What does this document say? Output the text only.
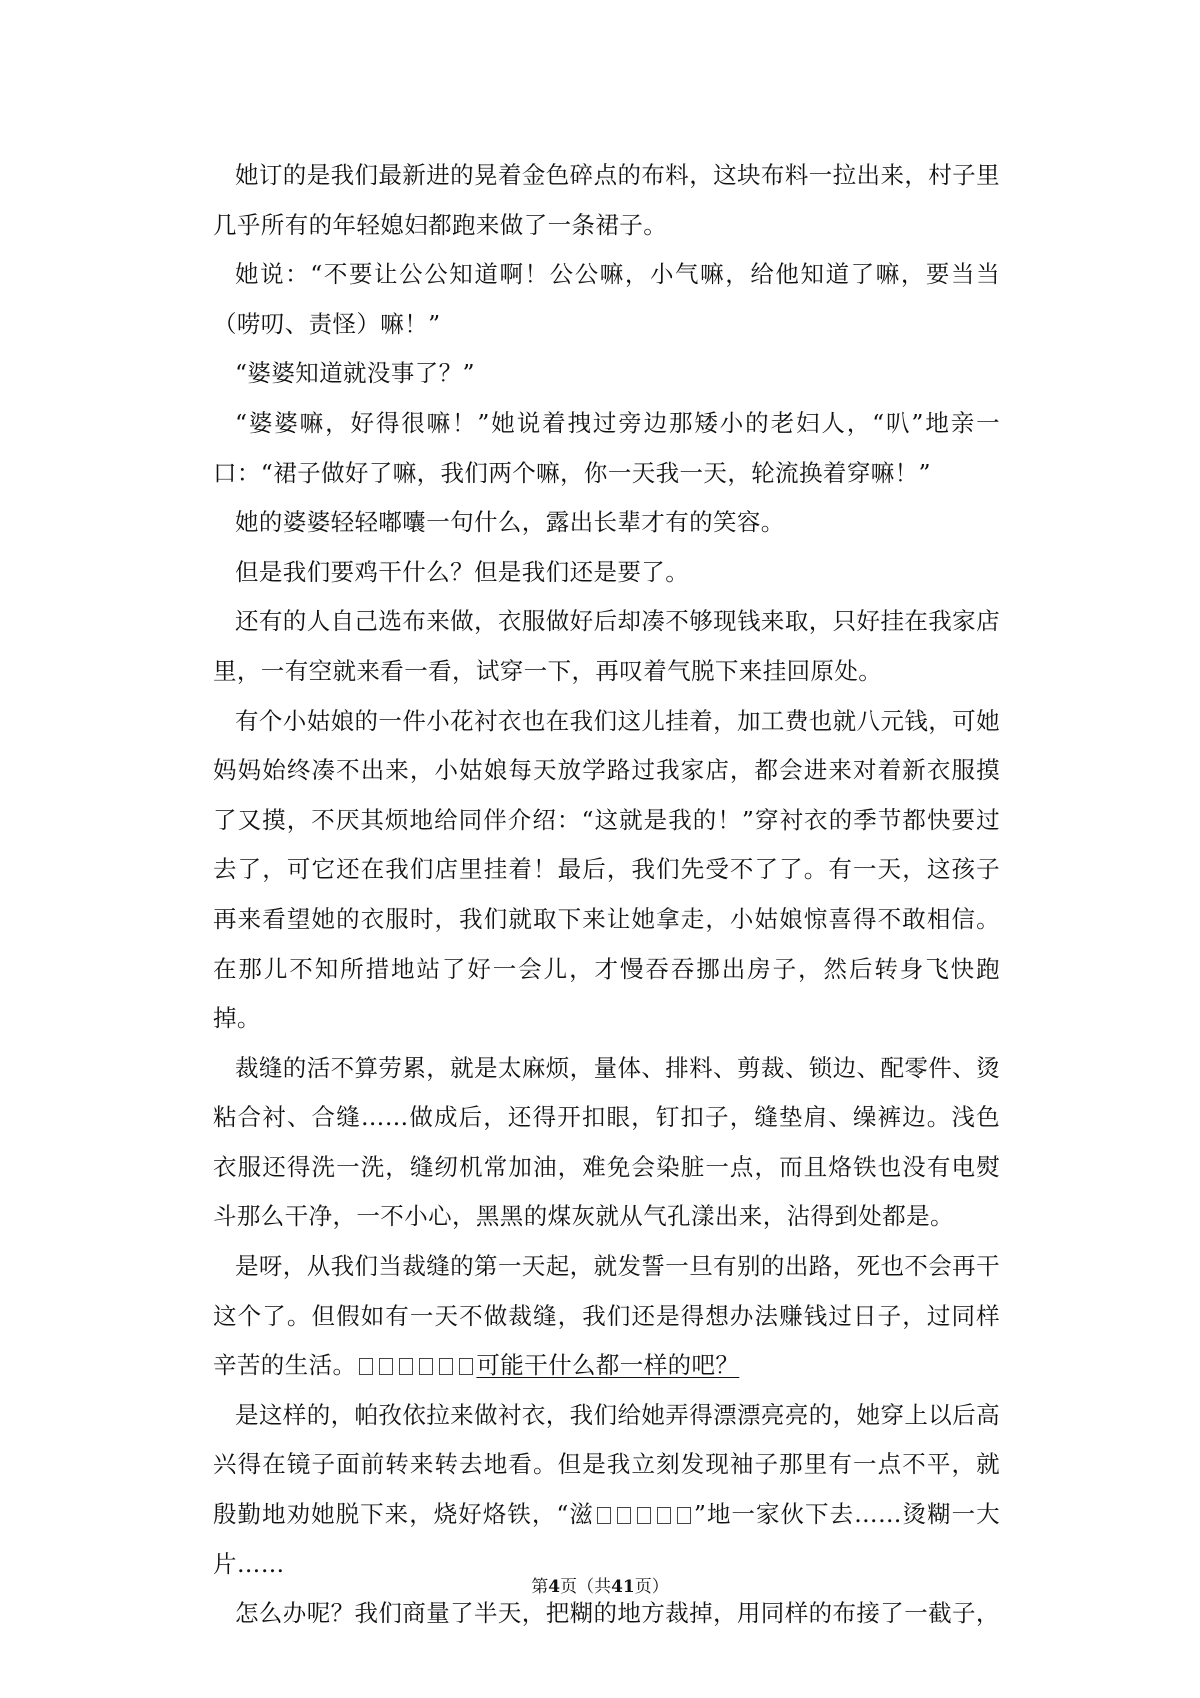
她订的是我们最新进的晃着金色碎点的布料，这块布料一拉出来，村子里几乎所有的年轻媳妇都跑来做了一条裙子。

她说：“不要让公公知道啊！公公嘛，小气嘛，给他知道了嘛，要当当（唠叨、责怪）嘛！”

“婆婆知道就没事了？”

“婆婆嘛，好得很嘛！”她说着拽过旁边那矮小的老妇人，“叭”地亲一口：“裙子做好了嘛，我们两个嘛，你一天我一天，轮流换着穿嘛！”

她的婆婆轻轻嘟囔一句什么，露出长辈才有的笑容。

但是我们要鸡干什么？但是我们还是要了。

还有的人自己选布来做，衣服做好后却凑不够现钱来取，只好挂在我家店里，一有空就来看一看，试穿一下，再叹着气脱下来挂回原处。

有个小姑娘的一件小花衬衣也在我们这儿挂着，加工费也就八元钱，可她妈妈始终凑不出来，小姑娘每天放学路过我家店，都会进来对着新衣服摸了又摸，不厌其烦地给同伴介绍：“这就是我的！”穿衬衣的季节都快要过去了，可它还在我们店里挂着！最后，我们先受不了了。有一天，这孩子再来看望她的衣服时，我们就取下来让她拿走，小姑娘惊喜得不敢相信。在那儿不知所措地站了好一会儿，才慢吞吞挪出房子，然后转身飞快跑掉。

裁缝的活不算劳累，就是太麻烦，量体、排料、剪裁、锁边、配零件、烫粘合衬、合缝……做成后，还得开扣眼，钉扣子，缝垫肩、缲裤边。浅色衣服还得洗一洗，缝纫机常加油，难免会染脏一点，而且烙铁也没有电熨斗那么干净，一不小心，黑黑的煤灰就从气孔漾出来，沾得到处都是。

是呀，从我们当裁缝的第一天起，就发誓一旦有别的出路，死也不会再干这个了。但假如有一天不做裁缝，我们还是得想办法赚钱过日子，过同样辛苦的生活。	可能干什么都一样的吧？

是这样的，帕孜依拉来做衬衣，我们给她弄得漂漂亮亮的，她穿上以后高兴得在镜子面前转来转去地看。但是我立刻发现袖子那里有一点不平，就殷勤地劝她脱下来，烧好烙铁，“滋	”地一家伙下去……烫糊一大片……

怎么办呢？我们商量了半天，把糊的地方裁掉，用同样的布接了一截子，

第4页（共41页）
